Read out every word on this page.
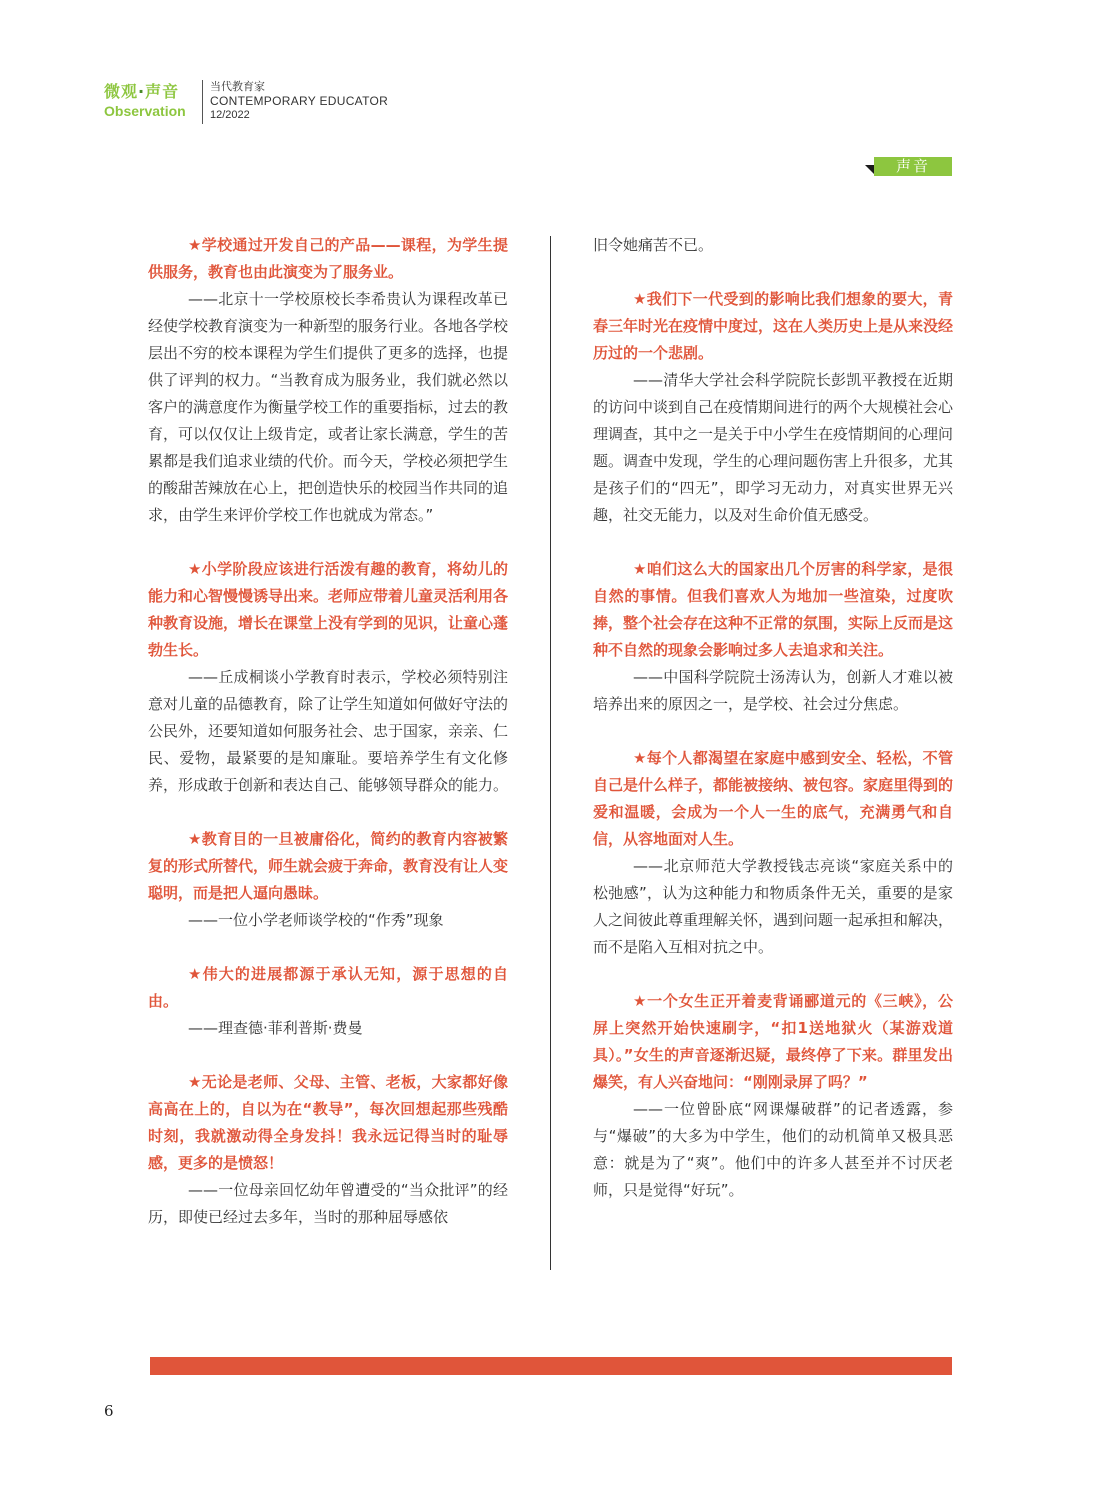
微观·声音
Observation
当代教育家
CONTEMPORARY EDUCATOR
12/2022
声音

★学校通过开发自己的产品——课程，为学生提供服务，教育也由此演变为了服务业。

——北京十一学校原校长李希贵认为课程改革已经使学校教育演变为一种新型的服务行业。各地各学校层出不穷的校本课程为学生们提供了更多的选择，也提供了评判的权力。“当教育成为服务业，我们就必然以客户的满意度作为衡量学校工作的重要指标，过去的教育，可以仅仅让上级肯定，或者让家长满意，学生的苦累都是我们追求业绩的代价。而今天，学校必须把学生的酸甜苦辣放在心上，把创造快乐的校园当作共同的追求，由学生来评价学校工作也就成为常态。”

★小学阶段应该进行活泼有趣的教育，将幼儿的能力和心智慢慢诱导出来。老师应带着儿童灵活利用各种教育设施，增长在课堂上没有学到的见识，让童心蓬勃生长。

——丘成桐谈小学教育时表示，学校必须特别注意对儿童的品德教育，除了让学生知道如何做好守法的公民外，还要知道如何服务社会、忠于国家，亲亲、仁民、爱物，最紧要的是知廉耻。要培养学生有文化修养，形成敢于创新和表达自己、能够领导群众的能力。

★教育目的一旦被庸俗化，简约的教育内容被繁复的形式所替代，师生就会疲于奔命，教育没有让人变聪明，而是把人逼向愚昧。

——一位小学老师谈学校的“作秀”现象

★伟大的进展都源于承认无知，源于思想的自由。

——理查德·菲利普斯·费曼

★无论是老师、父母、主管、老板，大家都好像高高在上的，自以为在“教导”，每次回想起那些残酷时刻，我就激动得全身发抖！我永远记得当时的耻辱感，更多的是愤怒！

——一位母亲回忆幼年曾遭受的“当众批评”的经历，即使已经过去多年，当时的那种屈辱感依

旧令她痛苦不已。

★我们下一代受到的影响比我们想象的要大，青春三年时光在疫情中度过，这在人类历史上是从来没经历过的一个悲剧。

——清华大学社会科学院院长彭凯平教授在近期的访问中谈到自己在疫情期间进行的两个大规模社会心理调查，其中之一是关于中小学生在疫情期间的心理问题。调查中发现，学生的心理问题伤害上升很多，尤其是孩子们的“四无”，即学习无动力，对真实世界无兴趣，社交无能力，以及对生命价值无感受。

★咱们这么大的国家出几个厉害的科学家，是很自然的事情。但我们喜欢人为地加一些渲染，过度吹捧，整个社会存在这种不正常的氛围，实际上反而是这种不自然的现象会影响过多人去追求和关注。

——中国科学院院士汤涛认为，创新人才难以被培养出来的原因之一，是学校、社会过分焦虑。

★每个人都渴望在家庭中感到安全、轻松，不管自己是什么样子，都能被接纳、被包容。家庭里得到的爱和温暖，会成为一个人一生的底气，充满勇气和自信，从容地面对人生。

——北京师范大学教授钱志亮谈“家庭关系中的松弛感”，认为这种能力和物质条件无关，重要的是家人之间彼此尊重理解关怀，遇到问题一起承担和解决，而不是陷入互相对抗之中。

★一个女生正开着麦背诵郦道元的《三峡》，公屏上突然开始快速刷字，“扣1送地狱火（某游戏道具）。”女生的声音逐渐迟疑，最终停了下来。群里发出爆笑，有人兴奋地问：“刚刚录屏了吗？”

——一位曾卧底“网课爆破群”的记者透露，参与“爆破”的大多为中学生，他们的动机简单又极具恶意：就是为了“爽”。他们中的许多人甚至并不讨厌老师，只是觉得“好玩”。

6
